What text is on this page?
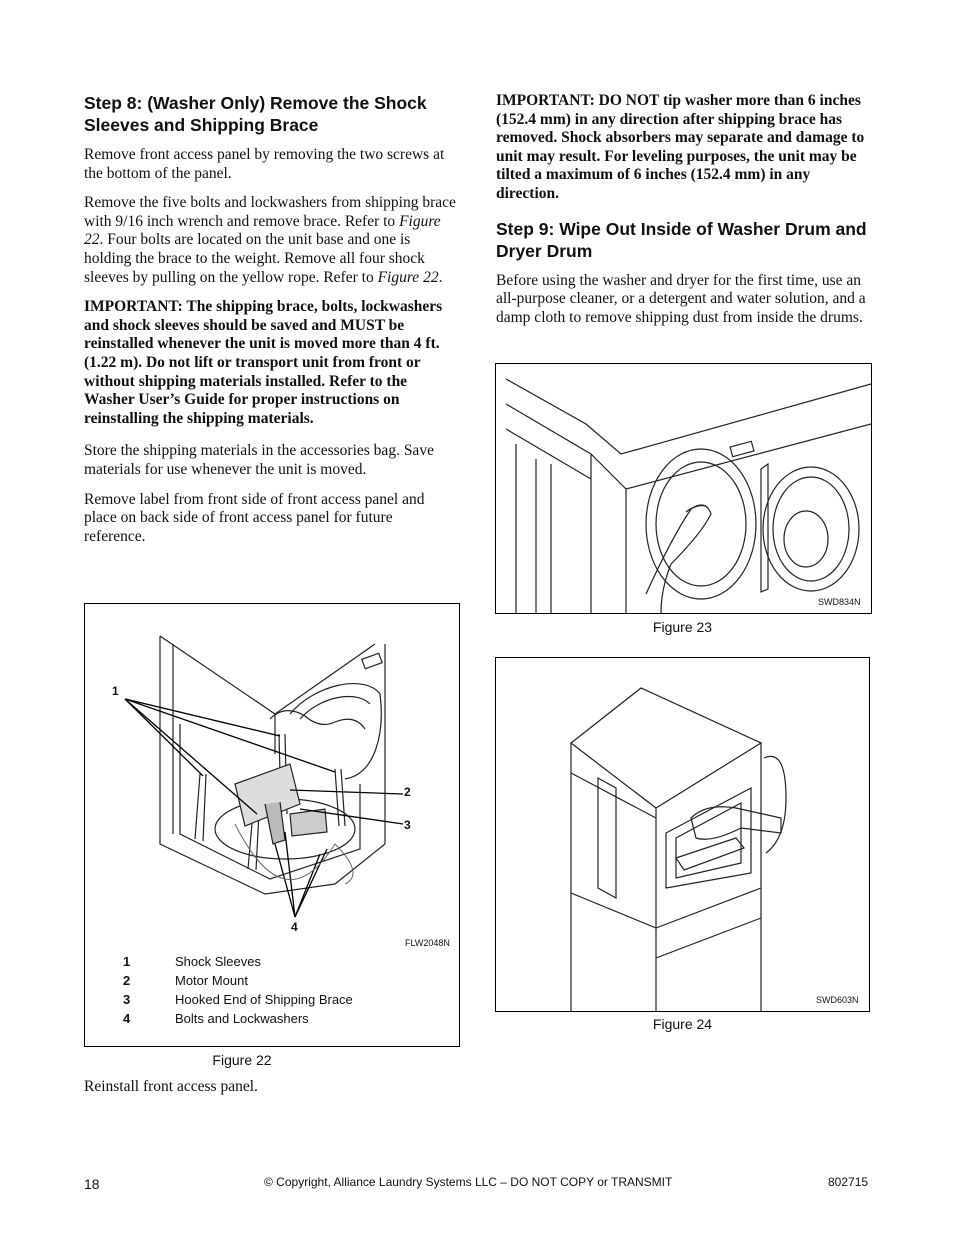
Step 8: (Washer Only) Remove the Shock Sleeves and Shipping Brace

Remove front access panel by removing the two screws at the bottom of the panel.

Remove the five bolts and lockwashers from shipping brace with 9/16 inch wrench and remove brace. Refer to Figure 22. Four bolts are located on the unit base and one is holding the brace to the weight. Remove all four shock sleeves by pulling on the yellow rope. Refer to Figure 22.

IMPORTANT: The shipping brace, bolts, lockwashers and shock sleeves should be saved and MUST be reinstalled whenever the unit is moved more than 4 ft. (1.22 m). Do not lift or transport unit from front or without shipping materials installed. Refer to the Washer User’s Guide for proper instructions on reinstalling the shipping materials.

Store the shipping materials in the accessories bag. Save materials for use whenever the unit is moved.

Remove label from front side of front access panel and place on back side of front access panel for future reference.

1
2
3
4
FLW2048N
1	Shock Sleeves
2	Motor Mount
3	Hooked End of Shipping Brace
4	Bolts and Lockwashers
Figure 22

Reinstall front access panel.

IMPORTANT: DO NOT tip washer more than 6 inches (152.4 mm) in any direction after shipping brace has removed. Shock absorbers may separate and damage to unit may result. For leveling purposes, the unit may be tilted a maximum of 6 inches (152.4 mm) in any direction.

Step 9: Wipe Out Inside of Washer Drum and Dryer Drum

Before using the washer and dryer for the first time, use an all-purpose cleaner, or a detergent and water solution, and a damp cloth to remove shipping dust from inside the drums.

SWD834N
Figure 23
SWD603N
Figure 24
18	© Copyright, Alliance Laundry Systems LLC – DO NOT COPY or TRANSMIT	802715
